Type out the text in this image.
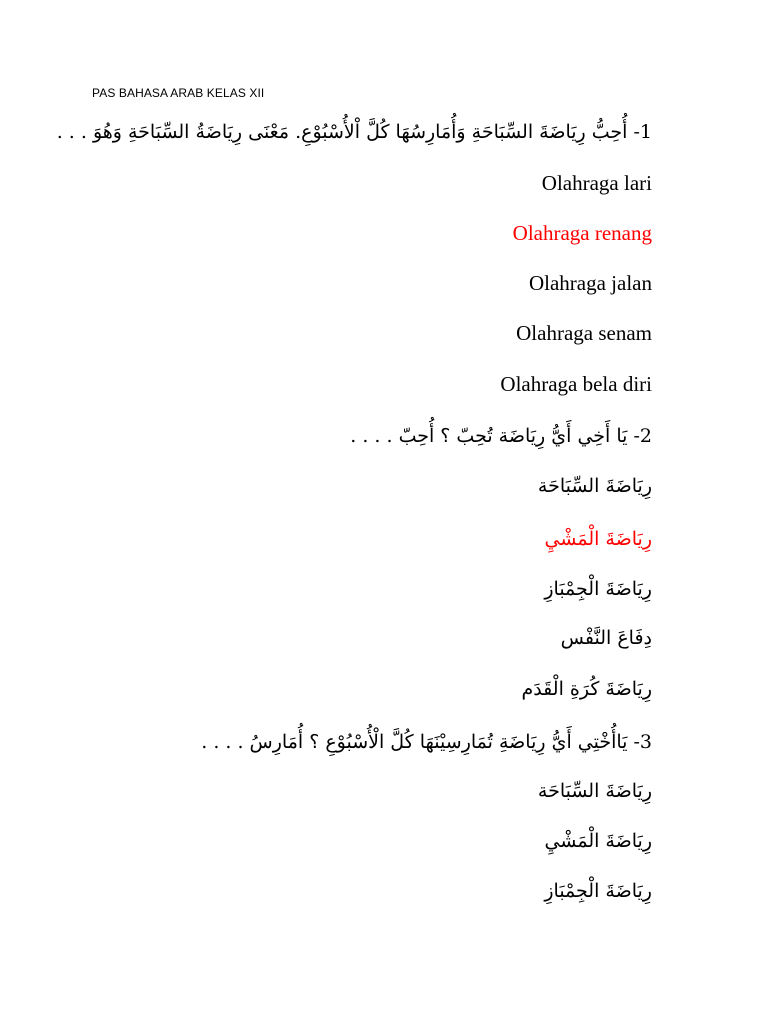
PAS BAHASA ARAB KELAS XII
1- أُحِبُّ رِيَاضَةَ السِّبَاحَةِ وَأُمَارِسُهَا كُلَّ اْلأُسْبُوْعِ. مَعْنَى رِيَاضَةُ السِّبَاحَةِ وَهُوَ . . .
Olahraga lari
Olahraga renang
Olahraga jalan
Olahraga senam
Olahraga bela diri
2- يَا أَخِي أَيُّ رِيَاضَة تُحِبّ ؟ أُحِبّ . . . .
رِيَاضَةَ السِّبَاحَة
رِيَاضَةَ الْمَشْيِ
رِيَاضَةَ الْجِمْبَازِ
دِفَاعَ النَّفْس
رِيَاضَةَ كُرَةِ الْقَدَم
3- يَاأُخْتِي أَيُّ رِيَاضَةِ تُمَارِسِيْنَهَا كُلَّ الْأُسْبُوْعِ ؟ أُمَارِسُ . . . .
رِيَاضَةَ السِّبَاحَة
رِيَاضَةَ الْمَشْيِ
رِيَاضَةَ الْجِمْبَازِ
